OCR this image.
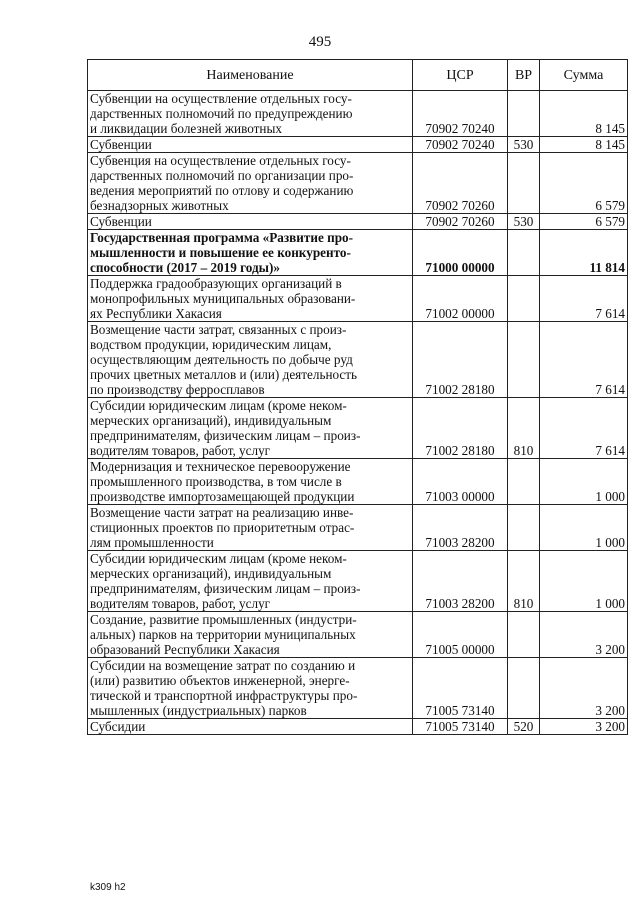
495
Наименование	ЦСР	ВР	Сумма
Субвенции на осуществление отдельных госу-
дарственных полномочий по предупреждению
и ликвидации болезней животных	70902 70240		8 145
Субвенции	70902 70240	530	8 145
Субвенция на осуществление отдельных госу-
дарственных полномочий по организации про-
ведения мероприятий по отлову и содержанию
безнадзорных животных	70902 70260		6 579
Субвенции	70902 70260	530	6 579
Государственная программа «Развитие про-
мышленности и повышение ее конкуренто-
способности (2017 – 2019 годы)»	71000 00000		11 814
Поддержка градообразующих организаций в
монопрофильных муниципальных образовани-
ях Республики Хакасия	71002 00000		7 614
Возмещение части затрат, связанных с произ-
водством продукции, юридическим лицам,
осуществляющим деятельность по добыче руд
прочих цветных металлов и (или) деятельность
по производству ферросплавов	71002 28180		7 614
Субсидии юридическим лицам (кроме неком-
мерческих организаций), индивидуальным
предпринимателям, физическим лицам – произ-
водителям товаров, работ, услуг	71002 28180	810	7 614
Модернизация и техническое перевооружение
промышленного производства, в том числе в
производстве импортозамещающей продукции	71003 00000		1 000
Возмещение части затрат на реализацию инве-
стиционных проектов по приоритетным отрас-
лям промышленности	71003 28200		1 000
Субсидии юридическим лицам (кроме неком-
мерческих организаций), индивидуальным
предпринимателям, физическим лицам – произ-
водителям товаров, работ, услуг	71003 28200	810	1 000
Создание, развитие промышленных (индустри-
альных) парков на территории муниципальных
образований Республики Хакасия	71005 00000		3 200
Субсидии на возмещение затрат по созданию и
(или) развитию объектов инженерной, энерге-
тической и транспортной инфраструктуры про-
мышленных (индустриальных) парков	71005 73140		3 200
Субсидии	71005 73140	520	3 200
k309 h2
